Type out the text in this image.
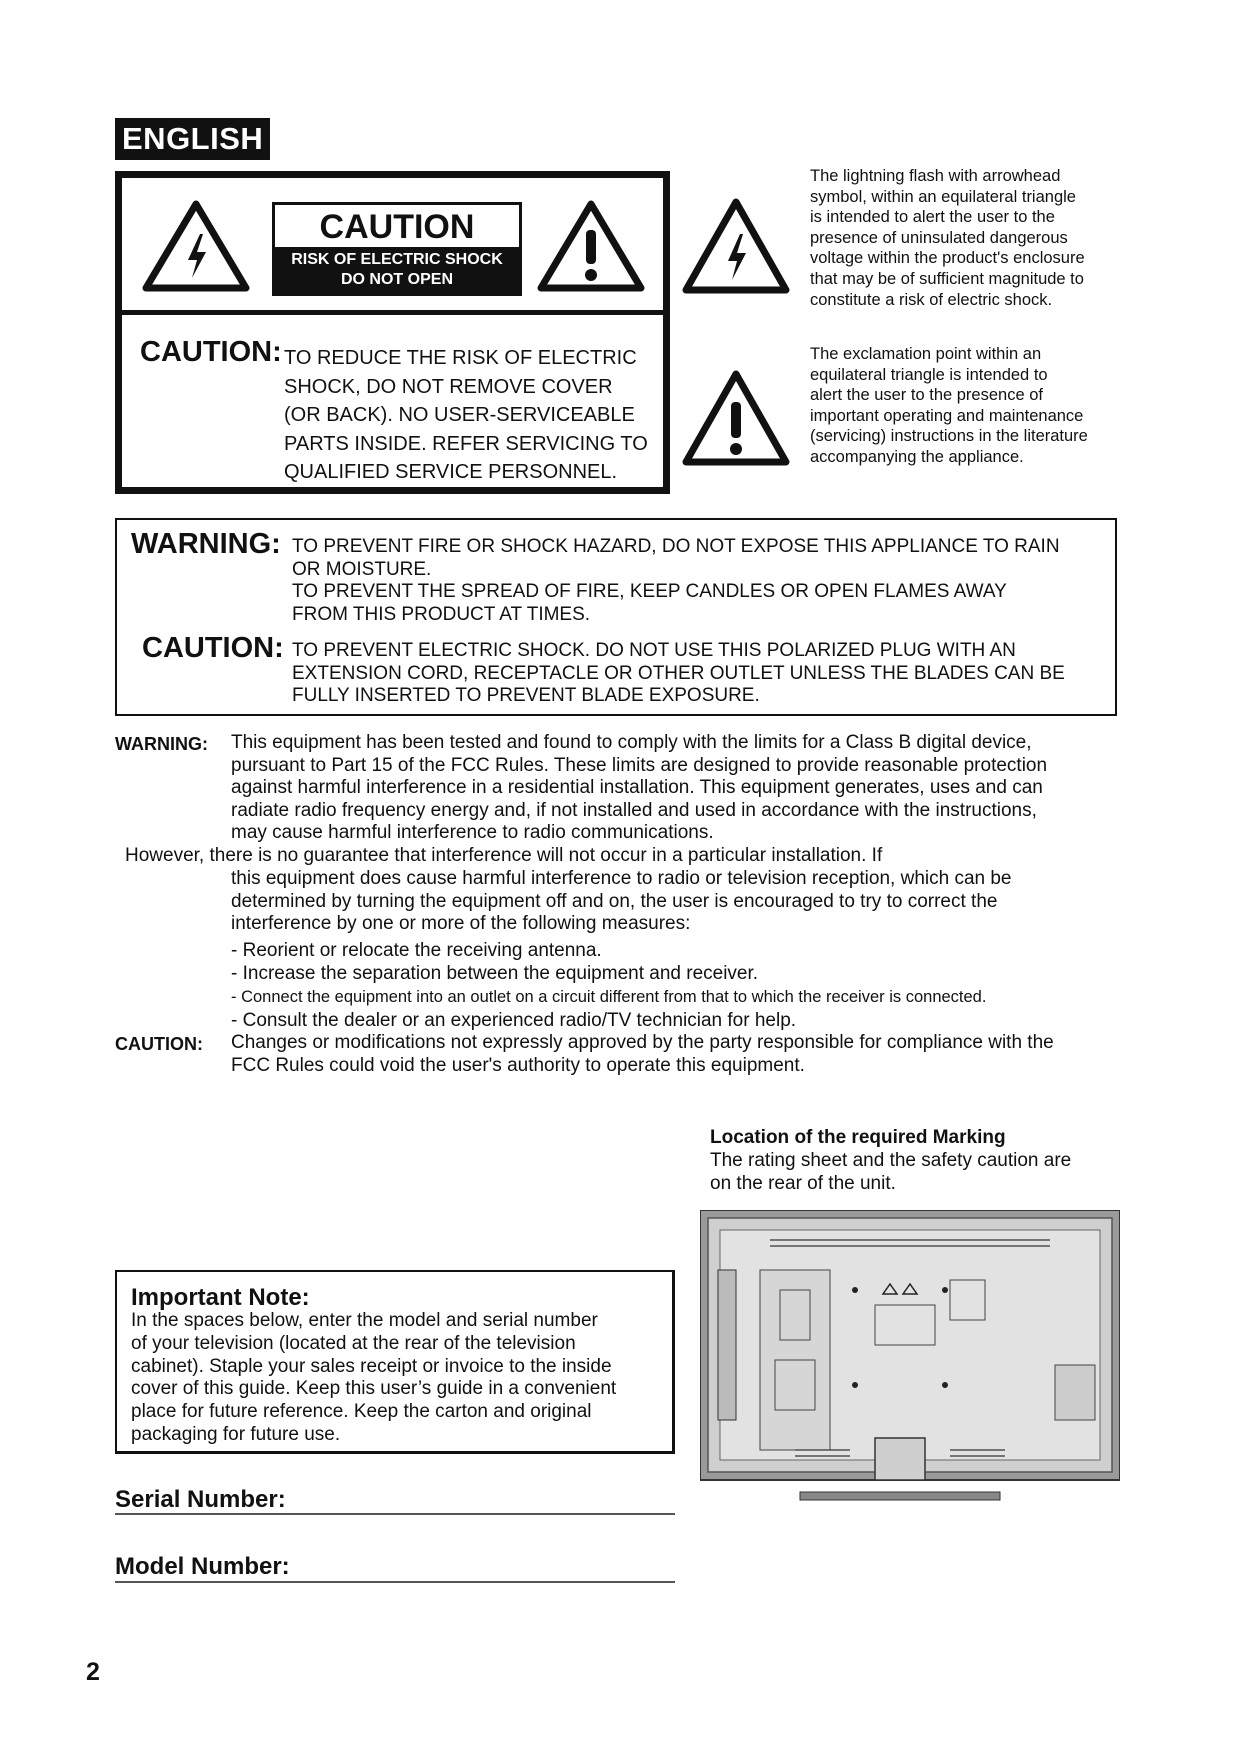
ENGLISH
CAUTION
RISK OF ELECTRIC SHOCK
DO NOT OPEN
CAUTION: TO REDUCE THE RISK OF ELECTRIC
SHOCK, DO NOT REMOVE COVER
(OR BACK). NO USER-SERVICEABLE
PARTS INSIDE. REFER SERVICING TO
QUALIFIED SERVICE PERSONNEL.
The lightning flash with arrowhead
symbol, within an equilateral triangle
is intended to alert the user to the
presence of uninsulated dangerous
voltage within the product's enclosure
that may be of sufficient magnitude to
constitute a risk of electric shock.
The exclamation point within an
equilateral triangle is intended to
alert the user to the presence of
important operating and maintenance
(servicing) instructions in the literature
accompanying the appliance.
WARNING: TO PREVENT FIRE OR SHOCK HAZARD, DO NOT EXPOSE THIS APPLIANCE TO RAIN
OR MOISTURE.
TO PREVENT THE SPREAD OF FIRE, KEEP CANDLES OR OPEN FLAMES AWAY
FROM THIS PRODUCT AT TIMES.
CAUTION: TO PREVENT ELECTRIC SHOCK. DO NOT USE THIS POLARIZED PLUG WITH AN
EXTENSION CORD, RECEPTACLE OR OTHER OUTLET UNLESS THE BLADES CAN BE
FULLY INSERTED TO PREVENT BLADE EXPOSURE.
WARNING: This equipment has been tested and found to comply with the limits for a Class B digital device,
pursuant to Part 15 of the FCC Rules. These limits are designed to provide reasonable protection
against harmful interference in a residential installation. This equipment generates, uses and can
radiate radio frequency energy and, if not installed and used in accordance with the instructions,
may cause harmful interference to radio communications.
However, there is no guarantee that interference will not occur in a particular installation. If
this equipment does cause harmful interference to radio or television reception, which can be
determined by turning the equipment off and on, the user is encouraged to try to correct the
interference by one or more of the following measures:
- Reorient or relocate the receiving antenna.
- Increase the separation between the equipment and receiver.
- Connect the equipment into an outlet on a circuit different from that to which the receiver is connected.
- Consult the dealer or an experienced radio/TV technician for help.
CAUTION: Changes or modifications not expressly approved by the party responsible for compliance with the
FCC Rules could void the user's authority to operate this equipment.
Location of the required Marking
The rating sheet and the safety caution are
on the rear of the unit.
Important Note:
In the spaces below, enter the model and serial number
of your television (located at the rear of the television
cabinet). Staple your sales receipt or invoice to the inside
cover of this guide. Keep this user’s guide in a convenient
place for future reference. Keep the carton and original
packaging for future use.
Serial Number:
Model Number:
2
